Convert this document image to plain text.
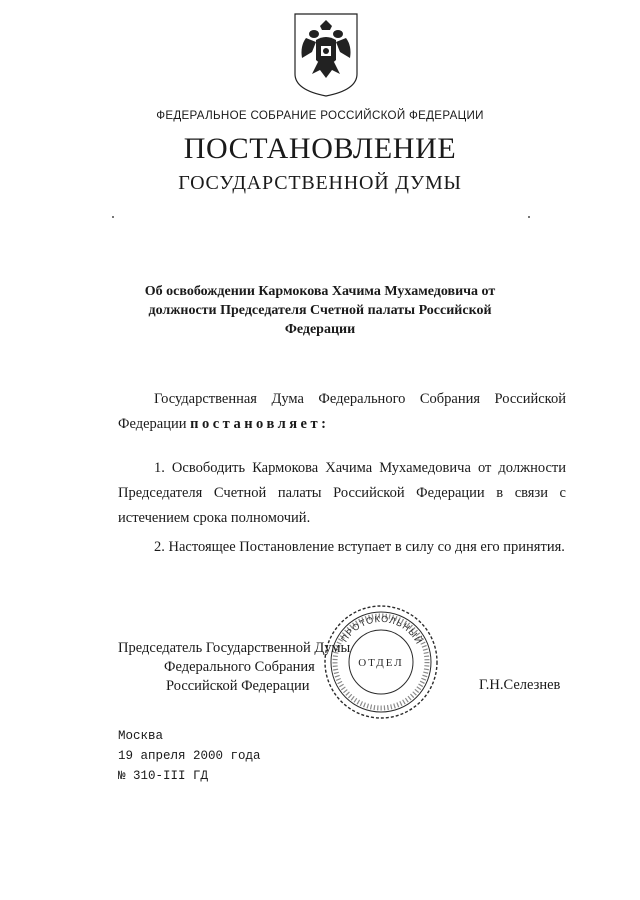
ФЕДЕРАЛЬНОЕ СОБРАНИЕ РОССИЙСКОЙ ФЕДЕРАЦИИ
ПОСТАНОВЛЕНИЕ
ГОСУДАРСТВЕННОЙ ДУМЫ
Об освобождении Кармокова Хачима Мухамедовича от должности Председателя Счетной палаты Российской Федерации
Государственная Дума Федерального Собрания Российской Федерации постановляет:
1. Освободить Кармокова Хачима Мухамедовича от должности Председателя Счетной палаты Российской Федерации в связи с истечением срока полномочий.
2. Настоящее Постановление вступает в силу со дня его принятия.
ПРОТОКОЛЬНЫЙ
ОТДЕЛ
Председатель Государственной Думы
Федерального Собрания
Российской Федерации	Г.Н.Селезнев
Москва
19 апреля 2000 года
№ 310-III ГД
